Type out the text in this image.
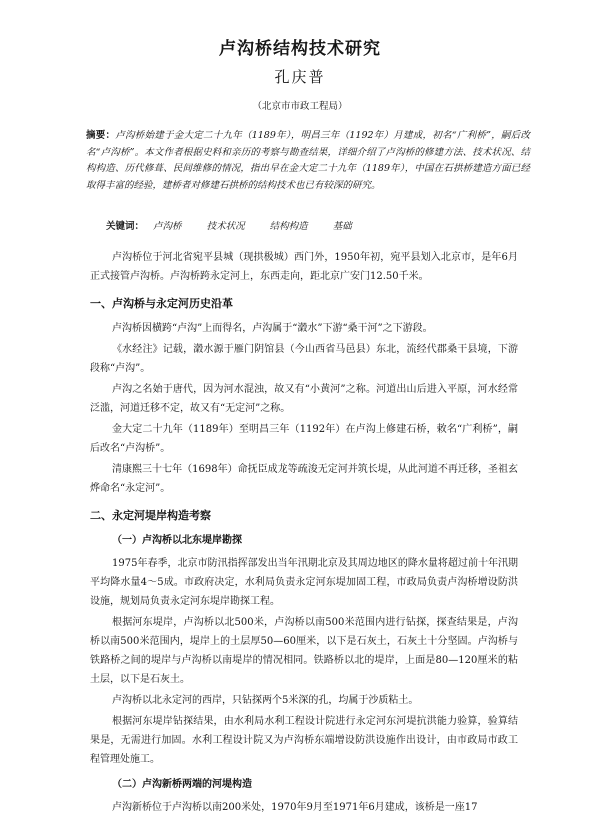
卢沟桥结构技术研究
孔庆普
（北京市市政工程局）
摘要：卢沟桥始建于金大定二十九年（1189年），明昌三年（1192年）月建成，初名“广利桥”，嗣后改名“卢沟桥”。本文作者根据史料和亲历的考察与勘查结果，详细介绍了卢沟桥的修建方法、技术状况、结构构造、历代修葺、民间维修的情况，指出早在金大定二十九年（1189年），中国在石拱桥建造方面已经取得丰富的经验，建桥者对修建石拱桥的结构技术也已有较深的研究。
关键词： 卢沟桥	技术状况	结构构造	基础

卢沟桥位于河北省宛平县城（现拱极城）西门外，1950年初，宛平县划入北京市，是年6月正式接管卢沟桥。卢沟桥跨永定河上，东西走向，距北京广安门12.50千米。

一、卢沟桥与永定河历史沿革

卢沟桥因横跨“卢沟”上而得名，卢沟属于“瀔水”下游“桑干河”之下游段。

《水经注》记载，瀔水源于雁门阴馆县（今山西省马邑县）东北，流经代郡桑干县境，下游段称“卢沟”。

卢沟之名始于唐代，因为河水混浊，故又有“小黄河”之称。河道出山后进入平原，河水经常泛滥，河道迁移不定，故又有“无定河”之称。

金大定二十九年（1189年）至明昌三年（1192年）在卢沟上修建石桥，敕名“广利桥”，嗣后改名“卢沟桥”。

清康熙三十七年（1698年）命抚臣成龙等疏浚无定河并筑长堤，从此河道不再迁移，圣祖玄烨命名“永定河”。

二、永定河堤岸构造考察
（一）卢沟桥以北东堤岸勘探

1975年春季，北京市防汛指挥部发出当年汛期北京及其周边地区的降水量将超过前十年汛期平均降水量4～5成。市政府决定，水利局负责永定河东堤加固工程，市政局负责卢沟桥增设防洪设施，规划局负责永定河东堤岸勘探工程。

根据河东堤岸，卢沟桥以北500米，卢沟桥以南500米范围内进行钻探，探查结果是，卢沟桥以南500米范围内，堤岸上的土层厚50—60厘米，以下是石灰土，石灰土十分坚固。卢沟桥与铁路桥之间的堤岸与卢沟桥以南堤岸的情况相同。铁路桥以北的堤岸，上面是80—120厘米的粘土层，以下是石灰土。

卢沟桥以北永定河的西岸，只钻探两个5米深的孔，均属于沙质粘土。

根据河东堤岸钻探结果，由水利局水利工程设计院进行永定河东河堤抗洪能力验算，验算结果是，无需进行加固。水利工程设计院又为卢沟桥东端增设防洪设施作出设计，由市政局市政工程管理处施工。

（二）卢沟新桥两端的河堤构造

卢沟新桥位于卢沟桥以南200米处，1970年9月至1971年6月建成，该桥是一座17
